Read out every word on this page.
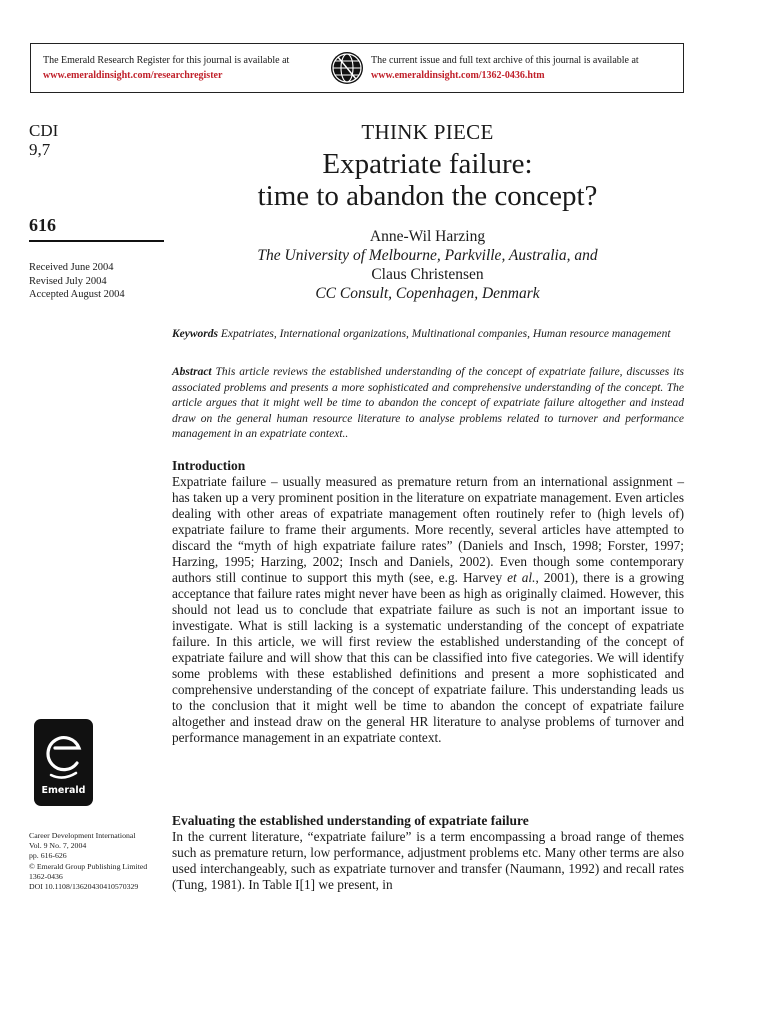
The Emerald Research Register for this journal is available at
www.emeraldinsight.com/researchregister
The current issue and full text archive of this journal is available at
www.emeraldinsight.com/1362-0436.htm
CDI
9,7
616
Received June 2004
Revised July 2004
Accepted August 2004
THINK PIECE
Expatriate failure:
time to abandon the concept?
Anne-Wil Harzing
The University of Melbourne, Parkville, Australia, and
Claus Christensen
CC Consult, Copenhagen, Denmark
Keywords Expatriates, International organizations, Multinational companies, Human resource management
Abstract This article reviews the established understanding of the concept of expatriate failure, discusses its associated problems and presents a more sophisticated and comprehensive understanding of the concept. The article argues that it might well be time to abandon the concept of expatriate failure altogether and instead draw on the general human resource literature to analyse problems related to turnover and performance management in an expatriate context..
Introduction
Expatriate failure – usually measured as premature return from an international assignment – has taken up a very prominent position in the literature on expatriate management. Even articles dealing with other areas of expatriate management often routinely refer to (high levels of) expatriate failure to frame their arguments. More recently, several articles have attempted to discard the “myth of high expatriate failure rates” (Daniels and Insch, 1998; Forster, 1997; Harzing, 1995; Harzing, 2002; Insch and Daniels, 2002). Even though some contemporary authors still continue to support this myth (see, e.g. Harvey et al., 2001), there is a growing acceptance that failure rates might never have been as high as originally claimed. However, this should not lead us to conclude that expatriate failure as such is not an important issue to investigate. What is still lacking is a systematic understanding of the concept of expatriate failure. In this article, we will first review the established understanding of the concept of expatriate failure and will show that this can be classified into five categories. We will identify some problems with these established definitions and present a more sophisticated and comprehensive understanding of the concept of expatriate failure. This understanding leads us to the conclusion that it might well be time to abandon the concept of expatriate failure altogether and instead draw on the general HR literature to analyse problems of turnover and performance management in an expatriate context.
Emerald
Evaluating the established understanding of expatriate failure
In the current literature, “expatriate failure” is a term encompassing a broad range of themes such as premature return, low performance, adjustment problems etc. Many other terms are also used interchangeably, such as expatriate turnover and transfer (Naumann, 1992) and recall rates (Tung, 1981). In Table I[1] we present, in
Career Development International
Vol. 9 No. 7, 2004
pp. 616-626
© Emerald Group Publishing Limited
1362-0436
DOI 10.1108/13620430410570329
